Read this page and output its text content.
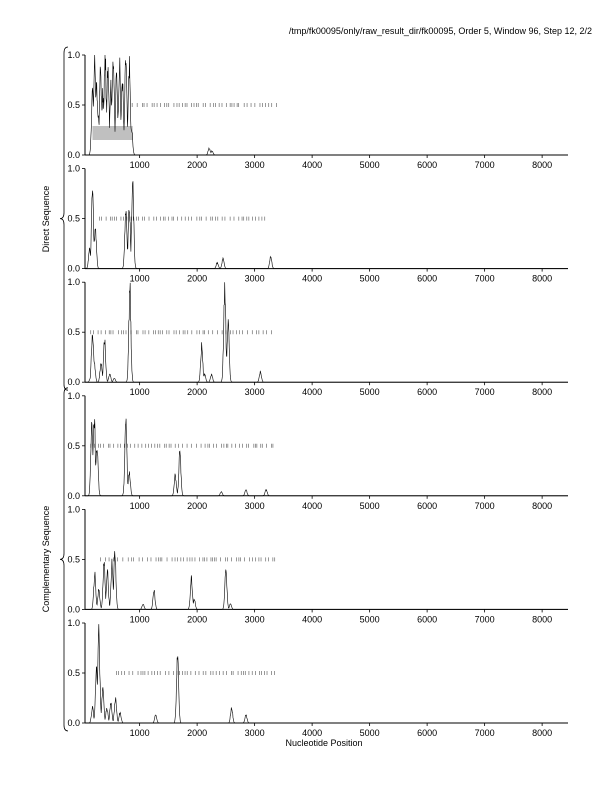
/tmp/fk00095/only/raw_result_dir/fk00095, Order 5, Window 96, Step 12, 2/2
0.0
0.5
1.0
1000	2000	3000	4000	5000	6000	7000	8000
0.0
0.5
1.0
1000	2000	3000	4000	5000	6000	7000	8000
0.0
0.5
1.0
1000	2000	3000	4000	5000	6000	7000	8000
0.0
0.5
1.0
1000	2000	3000	4000	5000	6000	7000	8000
0.0
0.5
1.0
1000	2000	3000	4000	5000	6000	7000	8000
0.0
0.5
1.0
1000	2000	3000	4000	5000	6000	7000	8000
Nucleotide Position
Direct Sequence
Complementary Sequence
